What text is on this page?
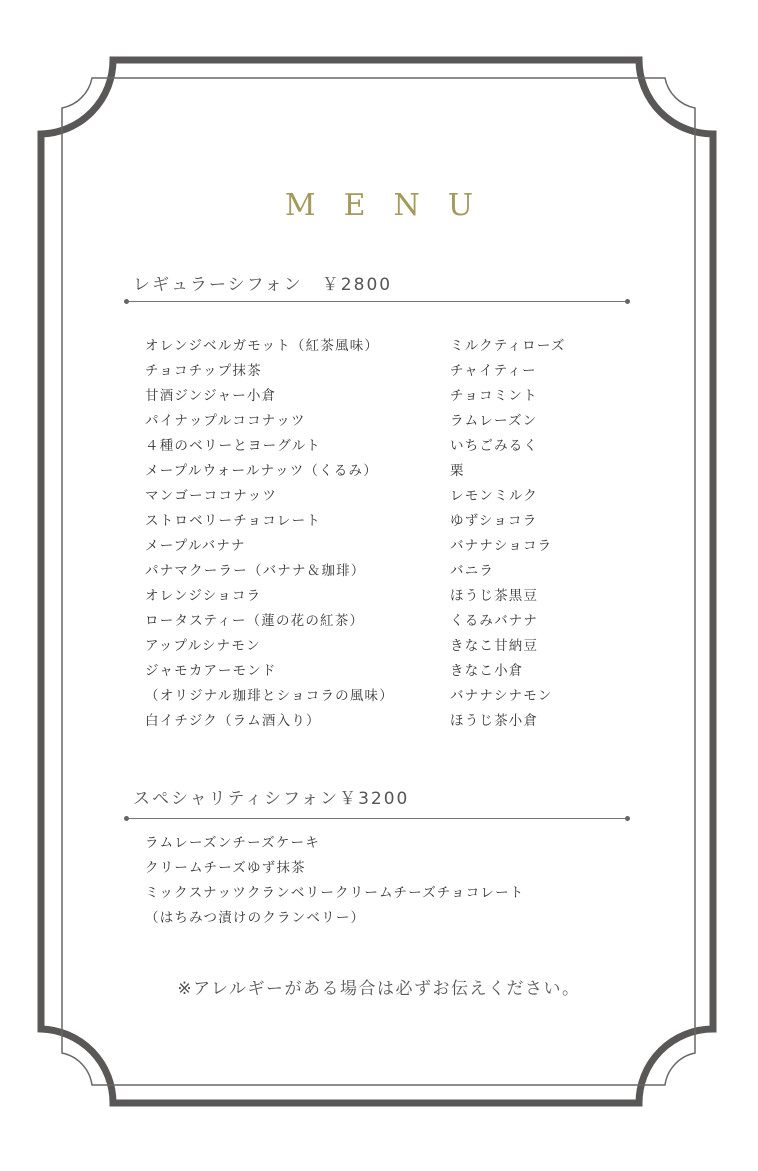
MENU
レギュラーシフォン　￥2800
オレンジベルガモット（紅茶風味）
チョコチップ抹茶
甘酒ジンジャー小倉
パイナップルココナッツ
４種のベリーとヨーグルト
メープルウォールナッツ（くるみ）
マンゴーココナッツ
ストロベリーチョコレート
メープルバナナ
パナマクーラー（バナナ＆珈琲）
オレンジショコラ
ロータスティー（蓮の花の紅茶）
アップルシナモン
ジャモカアーモンド
（オリジナル珈琲とショコラの風味）
白イチジク（ラム酒入り）
ミルクティローズ
チャイティー
チョコミント
ラムレーズン
いちごみるく
栗
レモンミルク
ゆずショコラ
バナナショコラ
バニラ
ほうじ茶黒豆
くるみバナナ
きなこ甘納豆
きなこ小倉
バナナシナモン
ほうじ茶小倉
スペシャリティシフォン￥3200
ラムレーズンチーズケーキ
クリームチーズゆず抹茶
ミックスナッツクランベリークリームチーズチョコレート
（はちみつ漬けのクランベリー）
※アレルギーがある場合は必ずお伝えください。
